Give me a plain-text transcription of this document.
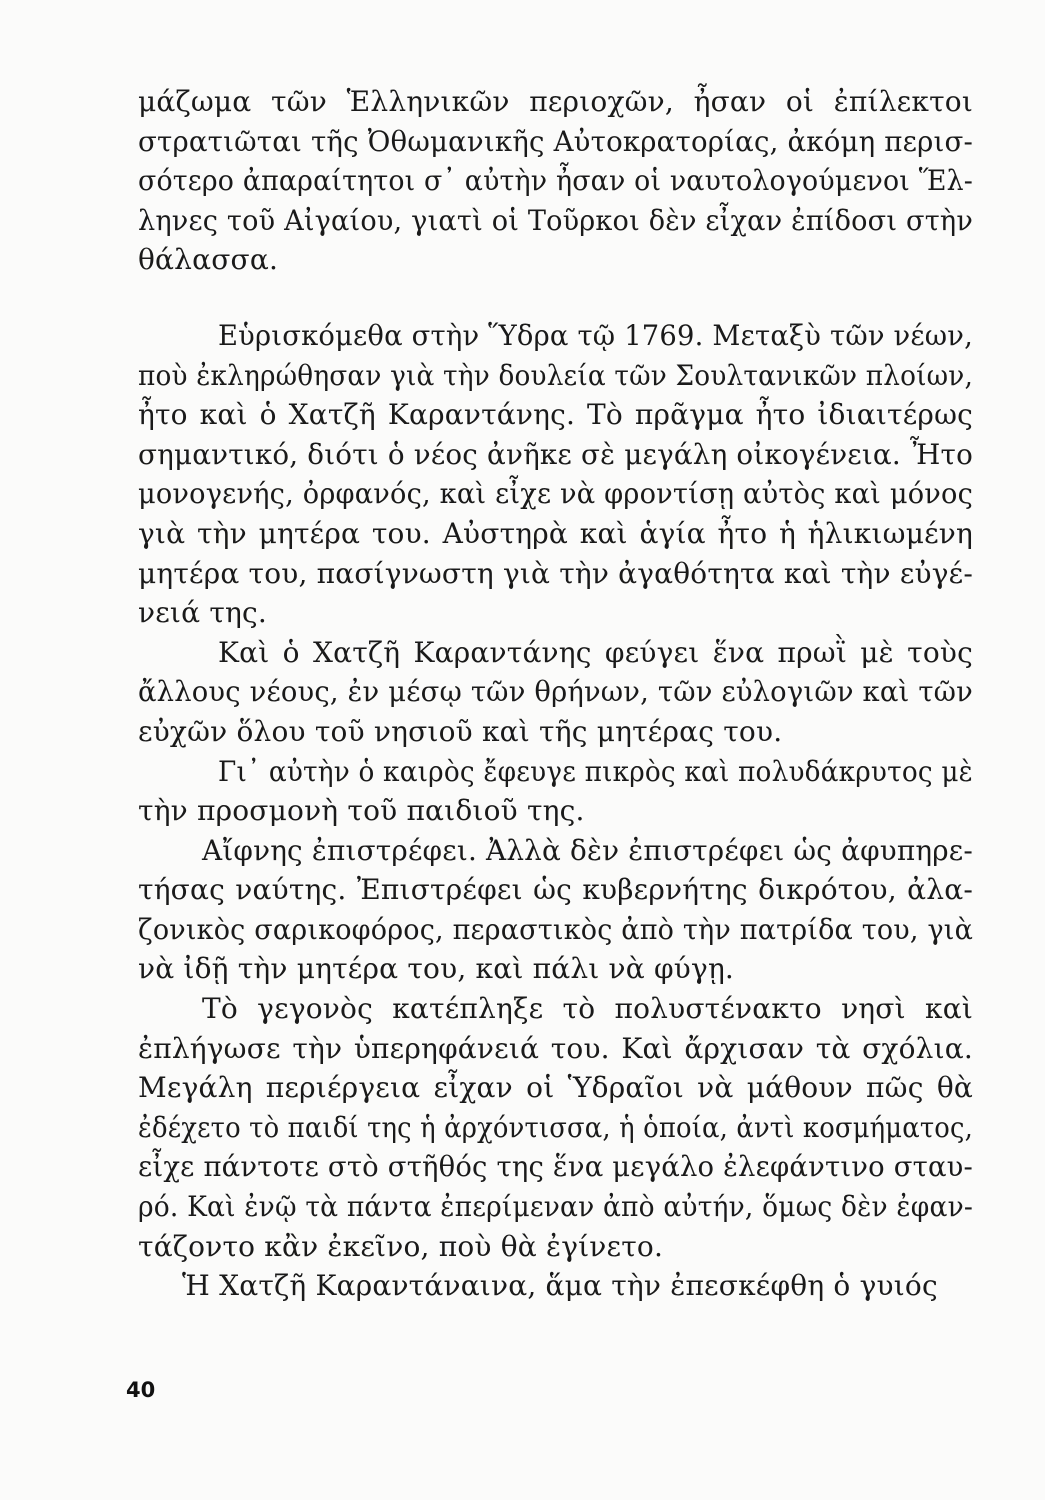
μάζωμα τῶν Ἑλληνικῶν περιοχῶν, ἦσαν οἱ ἐπίλεκτοι
στρατιῶται τῆς Ὀθωμανικῆς Αὐτοκρατορίας, ἀκόμη περισ-
σότερο ἀπαραίτητοι σ᾽ αὐτὴν ἦσαν οἱ ναυτολογούμενοι Ἕλ-
ληνες τοῦ Αἰγαίου, γιατὶ οἱ Τοῦρκοι δὲν εἶχαν ἐπίδοσι στὴν
θάλασσα.
Εὑρισκόμεθα στὴν Ὕδρα τῷ 1769. Μεταξὺ τῶν νέων,
ποὺ ἐκληρώθησαν γιὰ τὴν δουλεία τῶν Σουλτανικῶν πλοίων,
ἦτο καὶ ὁ Χατζῆ Καραντάνης. Τὸ πρᾶγμα ἦτο ἰδιαιτέρως
σημαντικό, διότι ὁ νέος ἀνῆκε σὲ μεγάλη οἰκογένεια. Ἦτο
μονογενής, ὀρφανός, καὶ εἶχε νὰ φροντίσῃ αὐτὸς καὶ μόνος
γιὰ τὴν μητέρα του. Αὐστηρὰ καὶ ἁγία ἦτο ἡ ἡλικιωμένη
μητέρα του, πασίγνωστη γιὰ τὴν ἀγαθότητα καὶ τὴν εὐγέ-
νειά της.
Καὶ ὁ Χατζῆ Καραντάνης φεύγει ἕνα πρωῒ μὲ τοὺς
ἄλλους νέους, ἐν μέσῳ τῶν θρήνων, τῶν εὐλογιῶν καὶ τῶν
εὐχῶν ὅλου τοῦ νησιοῦ καὶ τῆς μητέρας του.
Γι᾽ αὐτὴν ὁ καιρὸς ἔφευγε πικρὸς καὶ πολυδάκρυτος μὲ
τὴν προσμονὴ τοῦ παιδιοῦ της.
Αἴφνης ἐπιστρέφει. Ἀλλὰ δὲν ἐπιστρέφει ὡς ἀφυπηρε-
τήσας ναύτης. Ἐπιστρέφει ὡς κυβερνήτης δικρότου, ἀλα-
ζονικὸς σαρικοφόρος, περαστικὸς ἀπὸ τὴν πατρίδα του, γιὰ
νὰ ἰδῇ τὴν μητέρα του, καὶ πάλι νὰ φύγῃ.
Τὸ γεγονὸς κατέπληξε τὸ πολυστένακτο νησὶ καὶ
ἐπλήγωσε τὴν ὑπερηφάνειά του. Καὶ ἄρχισαν τὰ σχόλια.
Μεγάλη περιέργεια εἶχαν οἱ Ὑδραῖοι νὰ μάθουν πῶς θὰ
ἐδέχετο τὸ παιδί της ἡ ἀρχόντισσα, ἡ ὁποία, ἀντὶ κοσμήματος,
εἶχε πάντοτε στὸ στῆθός της ἕνα μεγάλο ἐλεφάντινο σταυ-
ρό. Καὶ ἐνῷ τὰ πάντα ἐπερίμεναν ἀπὸ αὐτήν, ὅμως δὲν ἐφαν-
τάζοντο κἂν ἐκεῖνο, ποὺ θὰ ἐγίνετο.
Ἡ Χατζῆ Καραντάναινα, ἅμα τὴν ἐπεσκέφθη ὁ γυιός
40
